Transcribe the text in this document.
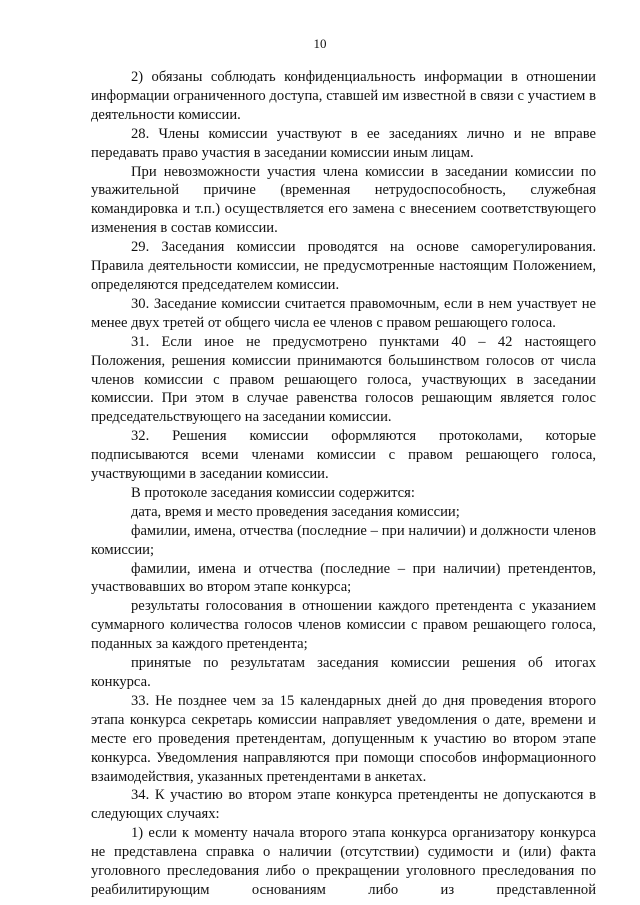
10

2) обязаны соблюдать конфиденциальность информации в отношении информации ограниченного доступа, ставшей им известной в связи с участием в деятельности комиссии.

28. Члены комиссии участвуют в ее заседаниях лично и не вправе передавать право участия в заседании комиссии иным лицам.

При невозможности участия члена комиссии в заседании комиссии по уважительной причине (временная нетрудоспособность, служебная командировка и т.п.) осуществляется его замена с внесением соответствующего изменения в состав комиссии.

29. Заседания комиссии проводятся на основе саморегулирования. Правила деятельности комиссии, не предусмотренные настоящим Положением, определяются председателем комиссии.

30. Заседание комиссии считается правомочным, если в нем участвует не менее двух третей от общего числа ее членов с правом решающего голоса.

31. Если иное не предусмотрено пунктами 40 – 42 настоящего Положения, решения комиссии принимаются большинством голосов от числа членов комиссии с правом решающего голоса, участвующих в заседании комиссии. При этом в случае равенства голосов решающим является голос председательствующего на заседании комиссии.

32. Решения комиссии оформляются протоколами, которые подписываются всеми членами комиссии с правом решающего голоса, участвующими в заседании комиссии.

В протоколе заседания комиссии содержится:

дата, время и место проведения заседания комиссии;

фамилии, имена, отчества (последние – при наличии) и должности членов комиссии;

фамилии, имена и отчества (последние – при наличии) претендентов, участвовавших во втором этапе конкурса;

результаты голосования в отношении каждого претендента с указанием суммарного количества голосов членов комиссии с правом решающего голоса, поданных за каждого претендента;

принятые по результатам заседания комиссии решения об итогах конкурса.

33. Не позднее чем за 15 календарных дней до дня проведения второго этапа конкурса секретарь комиссии направляет уведомления о дате, времени и месте его проведения претендентам, допущенным к участию во втором этапе конкурса. Уведомления направляются при помощи способов информационного взаимодействия, указанных претендентами в анкетах.

34. К участию во втором этапе конкурса претенденты не допускаются в следующих случаях:

1) если к моменту начала второго этапа конкурса организатору конкурса не представлена справка о наличии (отсутствии) судимости и (или) факта уголовного преследования либо о прекращении уголовного преследования по реабилитирующим основаниям либо из представленной
